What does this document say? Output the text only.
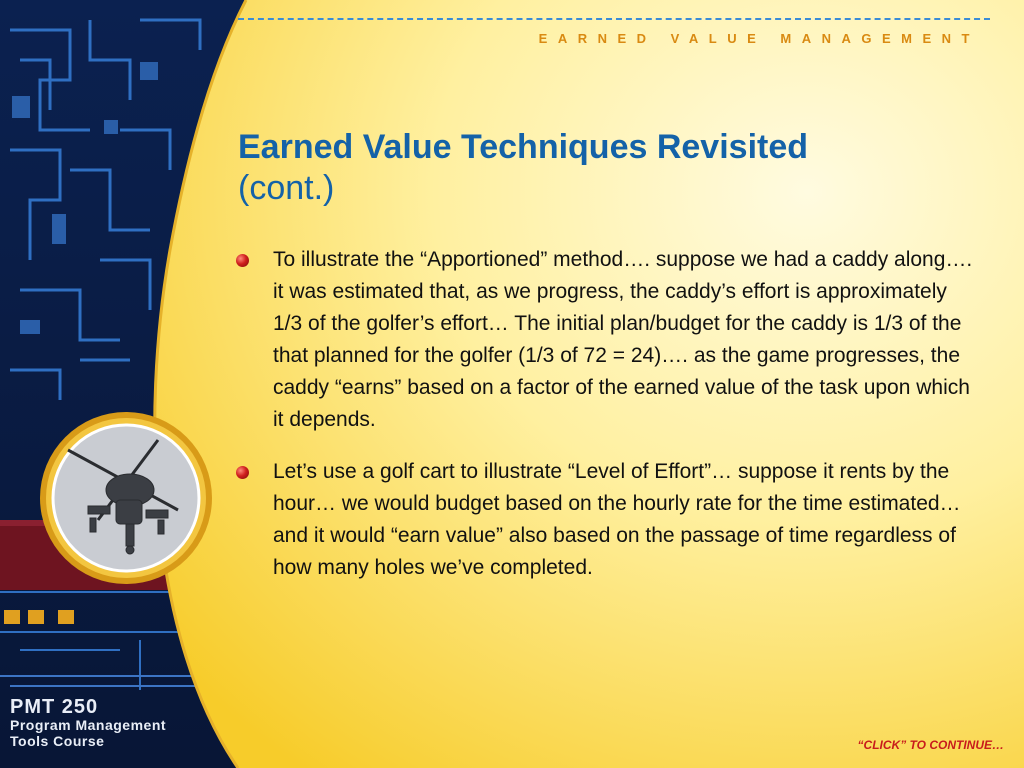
EARNED VALUE MANAGEMENT
Earned Value Techniques Revisited
(cont.)
To illustrate the “Apportioned” method…. suppose we had a caddy along…. it was estimated that, as we progress, the caddy’s effort is approximately 1/3 of the golfer’s effort… The initial plan/budget for the caddy is 1/3 of the that planned for the golfer (1/3 of 72 = 24)…. as the game progresses, the caddy “earns” based on a factor of the earned value of the task upon which it depends.
Let’s use a golf cart to illustrate “Level of Effort”… suppose it rents by the hour… we would budget based on the hourly rate for the time estimated… and it would “earn value” also based on the passage of time regardless of how many holes we’ve completed.
PMT 250
Program Management
Tools Course	“CLICK” TO CONTINUE…
